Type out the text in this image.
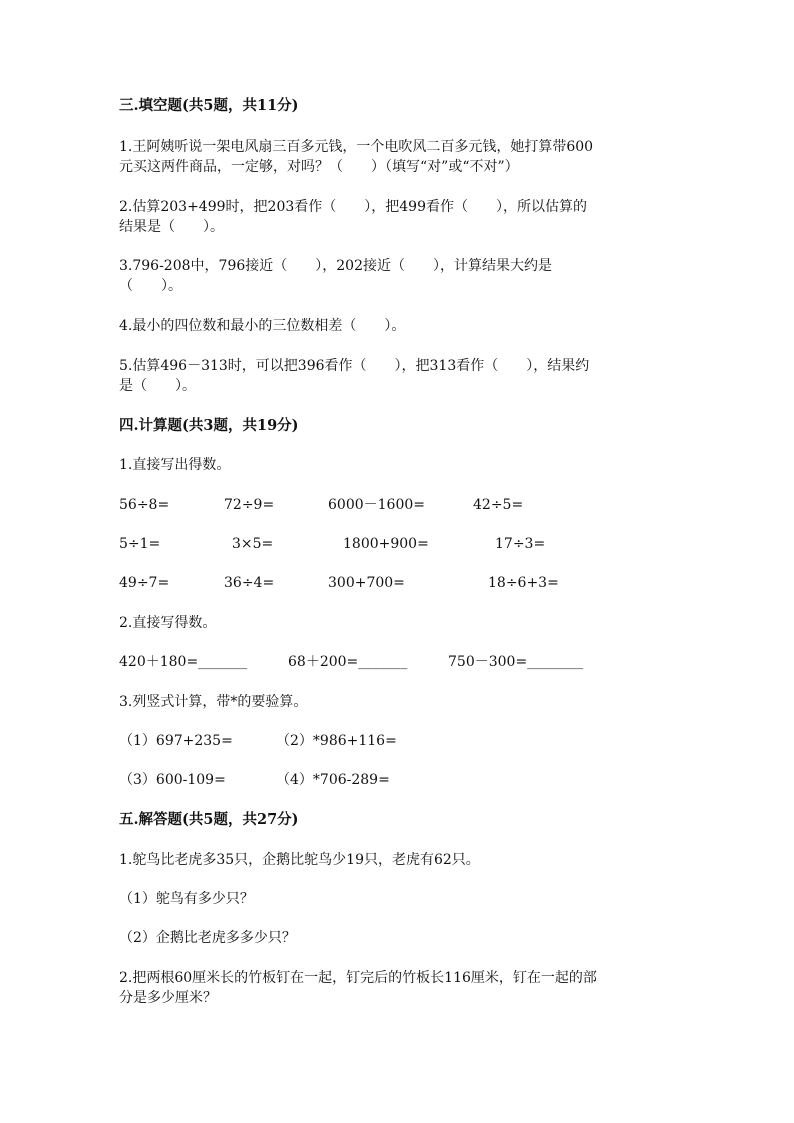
三.填空题(共5题，共11分)
1.王阿姨听说一架电风扇三百多元钱，一个电吹风二百多元钱，她打算带600
元买这两件商品，一定够，对吗？（　　）（填写“对”或“不对”）
2.估算203+499时，把203看作（　　），把499看作（　　），所以估算的
结果是（　　）。
3.796-208中，796接近（　　），202接近（　　），计算结果大约是
（　　）。
4.最小的四位数和最小的三位数相差（　　）。
5.估算496－313时，可以把396看作（　　），把313看作（　　），结果约
是（　　）。
四.计算题(共3题，共19分)
1.直接写出得数。
56÷8=	72÷9=	6000－1600=	42÷5=
5÷1=	3×5=	1800+900=	17÷3=
49÷7=	36÷4=	300+700=	18÷6+3=
2.直接写得数。
420＋180=_______	68＋200=_______	750－300=________
3.列竖式计算，带*的要验算。
（1）697+235=	（2）*986+116=
（3）600-109=	（4）*706-289=
五.解答题(共5题，共27分)
1.鸵鸟比老虎多35只，企鹅比鸵鸟少19只，老虎有62只。
（1）鸵鸟有多少只？
（2）企鹅比老虎多多少只？
2.把两根60厘米长的竹板钉在一起，钉完后的竹板长116厘米，钉在一起的部
分是多少厘米？
